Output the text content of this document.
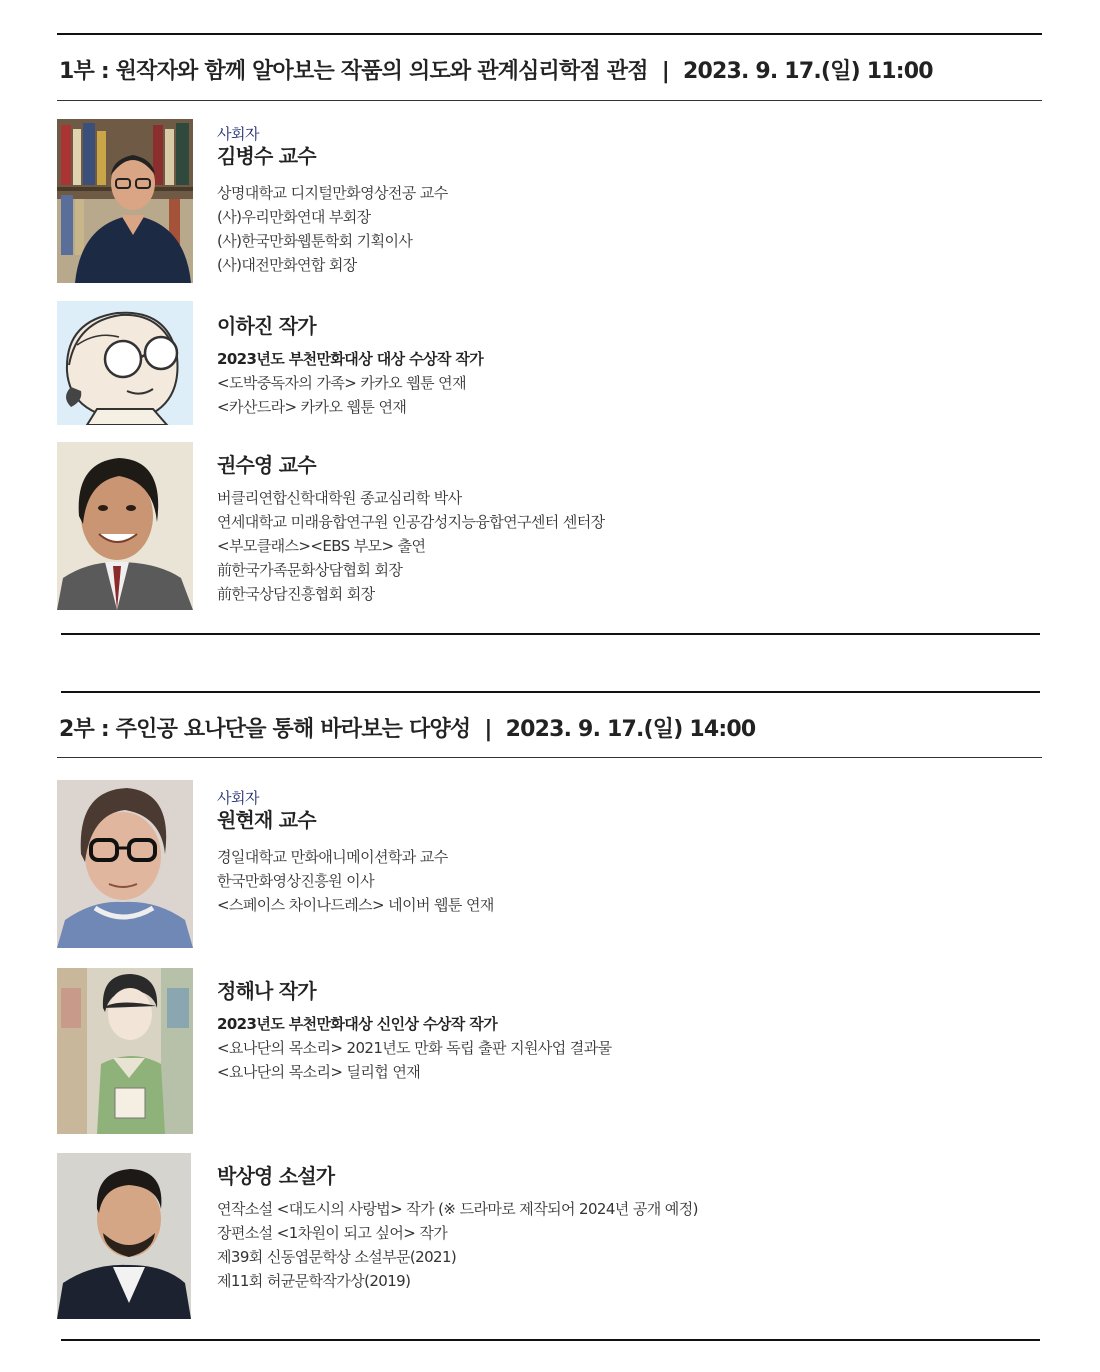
1부 : 원작자와 함께 알아보는 작품의 의도와 관계심리학점 관점 | 2023. 9. 17.(일) 11:00
사회자
김병수 교수
상명대학교 디지털만화영상전공 교수
(사)우리만화연대 부회장
(사)한국만화웹툰학회 기획이사
(사)대전만화연합 회장
이하진 작가
2023년도 부천만화대상 대상 수상작 작가
<도박중독자의 가족> 카카오 웹툰 연재
<카산드라> 카카오 웹툰 연재
권수영 교수
버클리연합신학대학원 종교심리학 박사
연세대학교 미래융합연구원 인공감성지능융합연구센터 센터장
<부모클래스><EBS 부모> 출연
前한국가족문화상담협회 회장
前한국상담진흥협회 회장
2부 : 주인공 요나단을 통해 바라보는 다양성 | 2023. 9. 17.(일) 14:00
사회자
원현재 교수
경일대학교 만화애니메이션학과 교수
한국만화영상진흥원 이사
<스페이스 차이나드레스> 네이버 웹툰 연재
정해나 작가
2023년도 부천만화대상 신인상 수상작 작가
<요나단의 목소리> 2021년도 만화 독립 출판 지원사업 결과물
<요나단의 목소리> 딜리헙 연재
박상영 소설가
연작소설 <대도시의 사랑법> 작가 (※ 드라마로 제작되어 2024년 공개 예정)
장편소설 <1차원이 되고 싶어> 작가
제39회 신동엽문학상 소설부문(2021)
제11회 허균문학작가상(2019)
